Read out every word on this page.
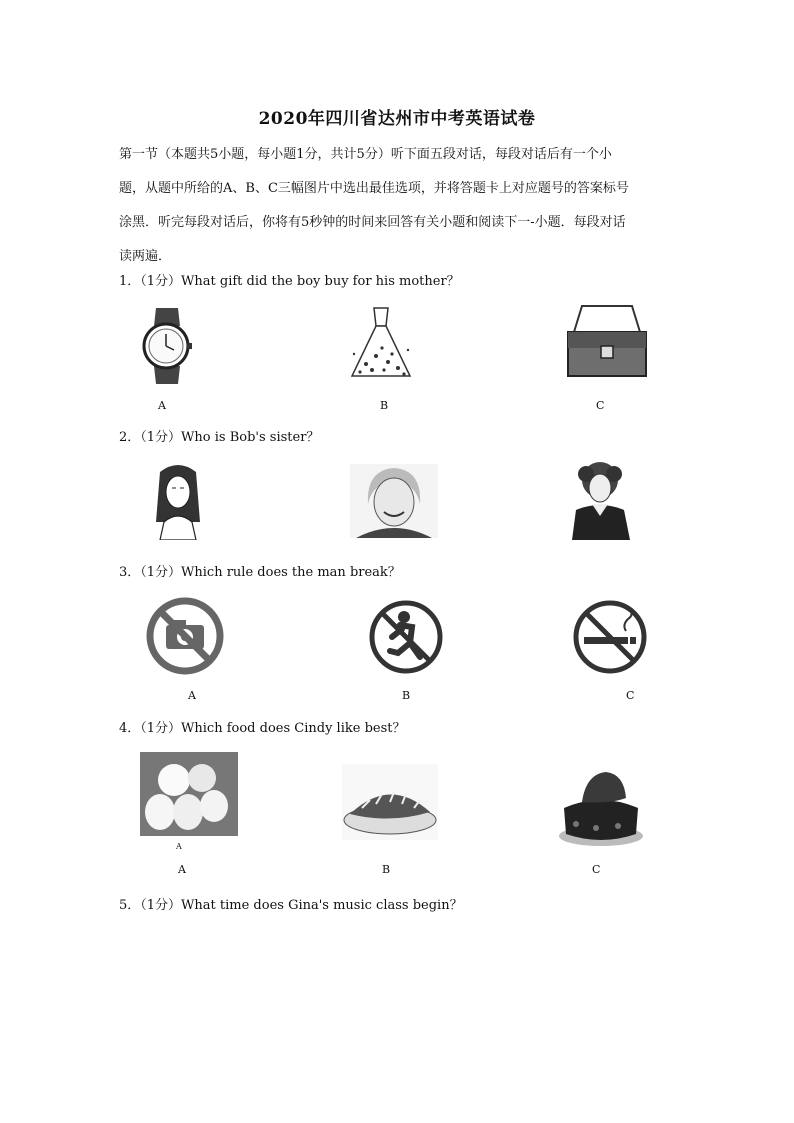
2020年四川省达州市中考英语试卷
第一节（本题共5小题，每小题1分，共计5分）听下面五段对话，每段对话后有一个小
题，从题中所给的A、B、C三幅图片中选出最佳选项，并将答题卡上对应题号的答案标号
涂黑．听完每段对话后，你将有5秒钟的时间来回答有关小题和阅读下一-小题．每段对话
读两遍．
1．（1分）What gift did the boy buy for his mother？
A	B	C
2．（1分）Who is Bob's sister？
3．（1分）Which rule does the man break？
A	B	C
4．（1分）Which food does Cindy like best？
A
A	B	C
5．（1分）What time does Gina's music class begin？
